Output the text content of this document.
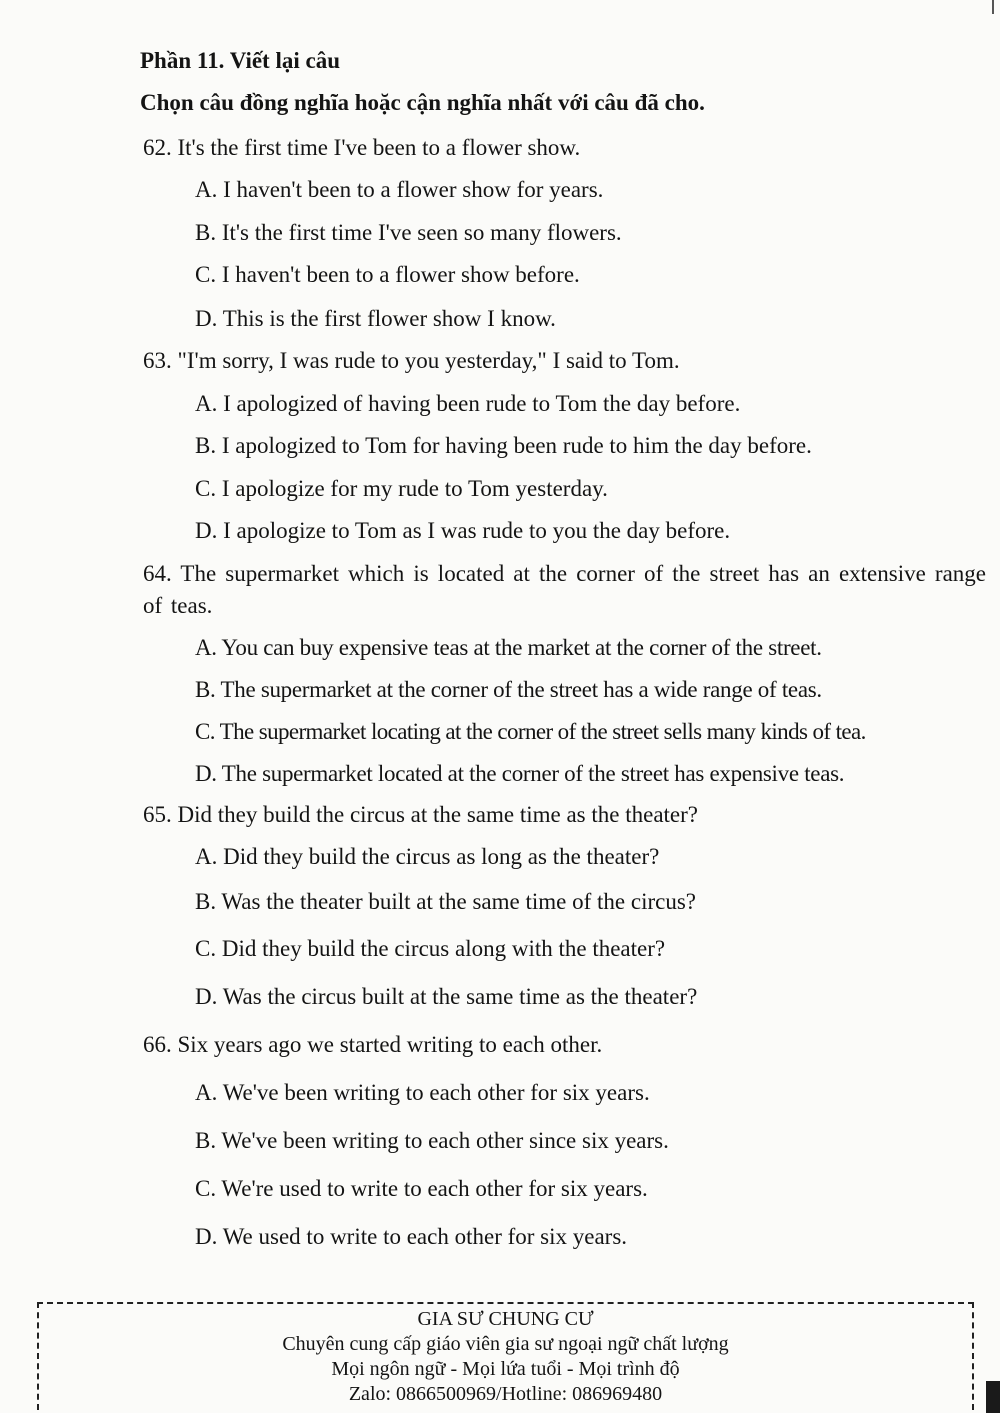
Phần 11. Viết lại câu
Chọn câu đồng nghĩa hoặc cận nghĩa nhất với câu đã cho.
62. It's the first time I've been to a flower show.
A. I haven't been to a flower show for years.
B. It's the first time I've seen so many flowers.
C. I haven't been to a flower show before.
D. This is the first flower show I know.
63. "I'm sorry, I was rude to you yesterday," I said to Tom.
A. I apologized of having been rude to Tom the day before.
B. I apologized to Tom for having been rude to him the day before.
C. I apologize for my rude to Tom yesterday.
D. I apologize to Tom as I was rude to you the day before.
64. The supermarket which is located at the corner of the street has an extensive range of teas.
A. You can buy expensive teas at the market at the corner of the street.
B. The supermarket at the corner of the street has a wide range of teas.
C. The supermarket locating at the corner of the street sells many kinds of tea.
D. The supermarket located at the corner of the street has expensive teas.
65. Did they build the circus at the same time as the theater?
A. Did they build the circus as long as the theater?
B. Was the theater built at the same time of the circus?
C. Did they build the circus along with the theater?
D. Was the circus built at the same time as the theater?
66. Six years ago we started writing to each other.
A. We've been writing to each other for six years.
B. We've been writing to each other since six years.
C. We're used to write to each other for six years.
D. We used to write to each other for six years.
GIA SƯ CHUNG CƯ
Chuyên cung cấp giáo viên gia sư ngoại ngữ chất lượng
Mọi ngôn ngữ - Mọi lứa tuổi - Mọi trình độ
Zalo: 0866500969/Hotline: 086969480
